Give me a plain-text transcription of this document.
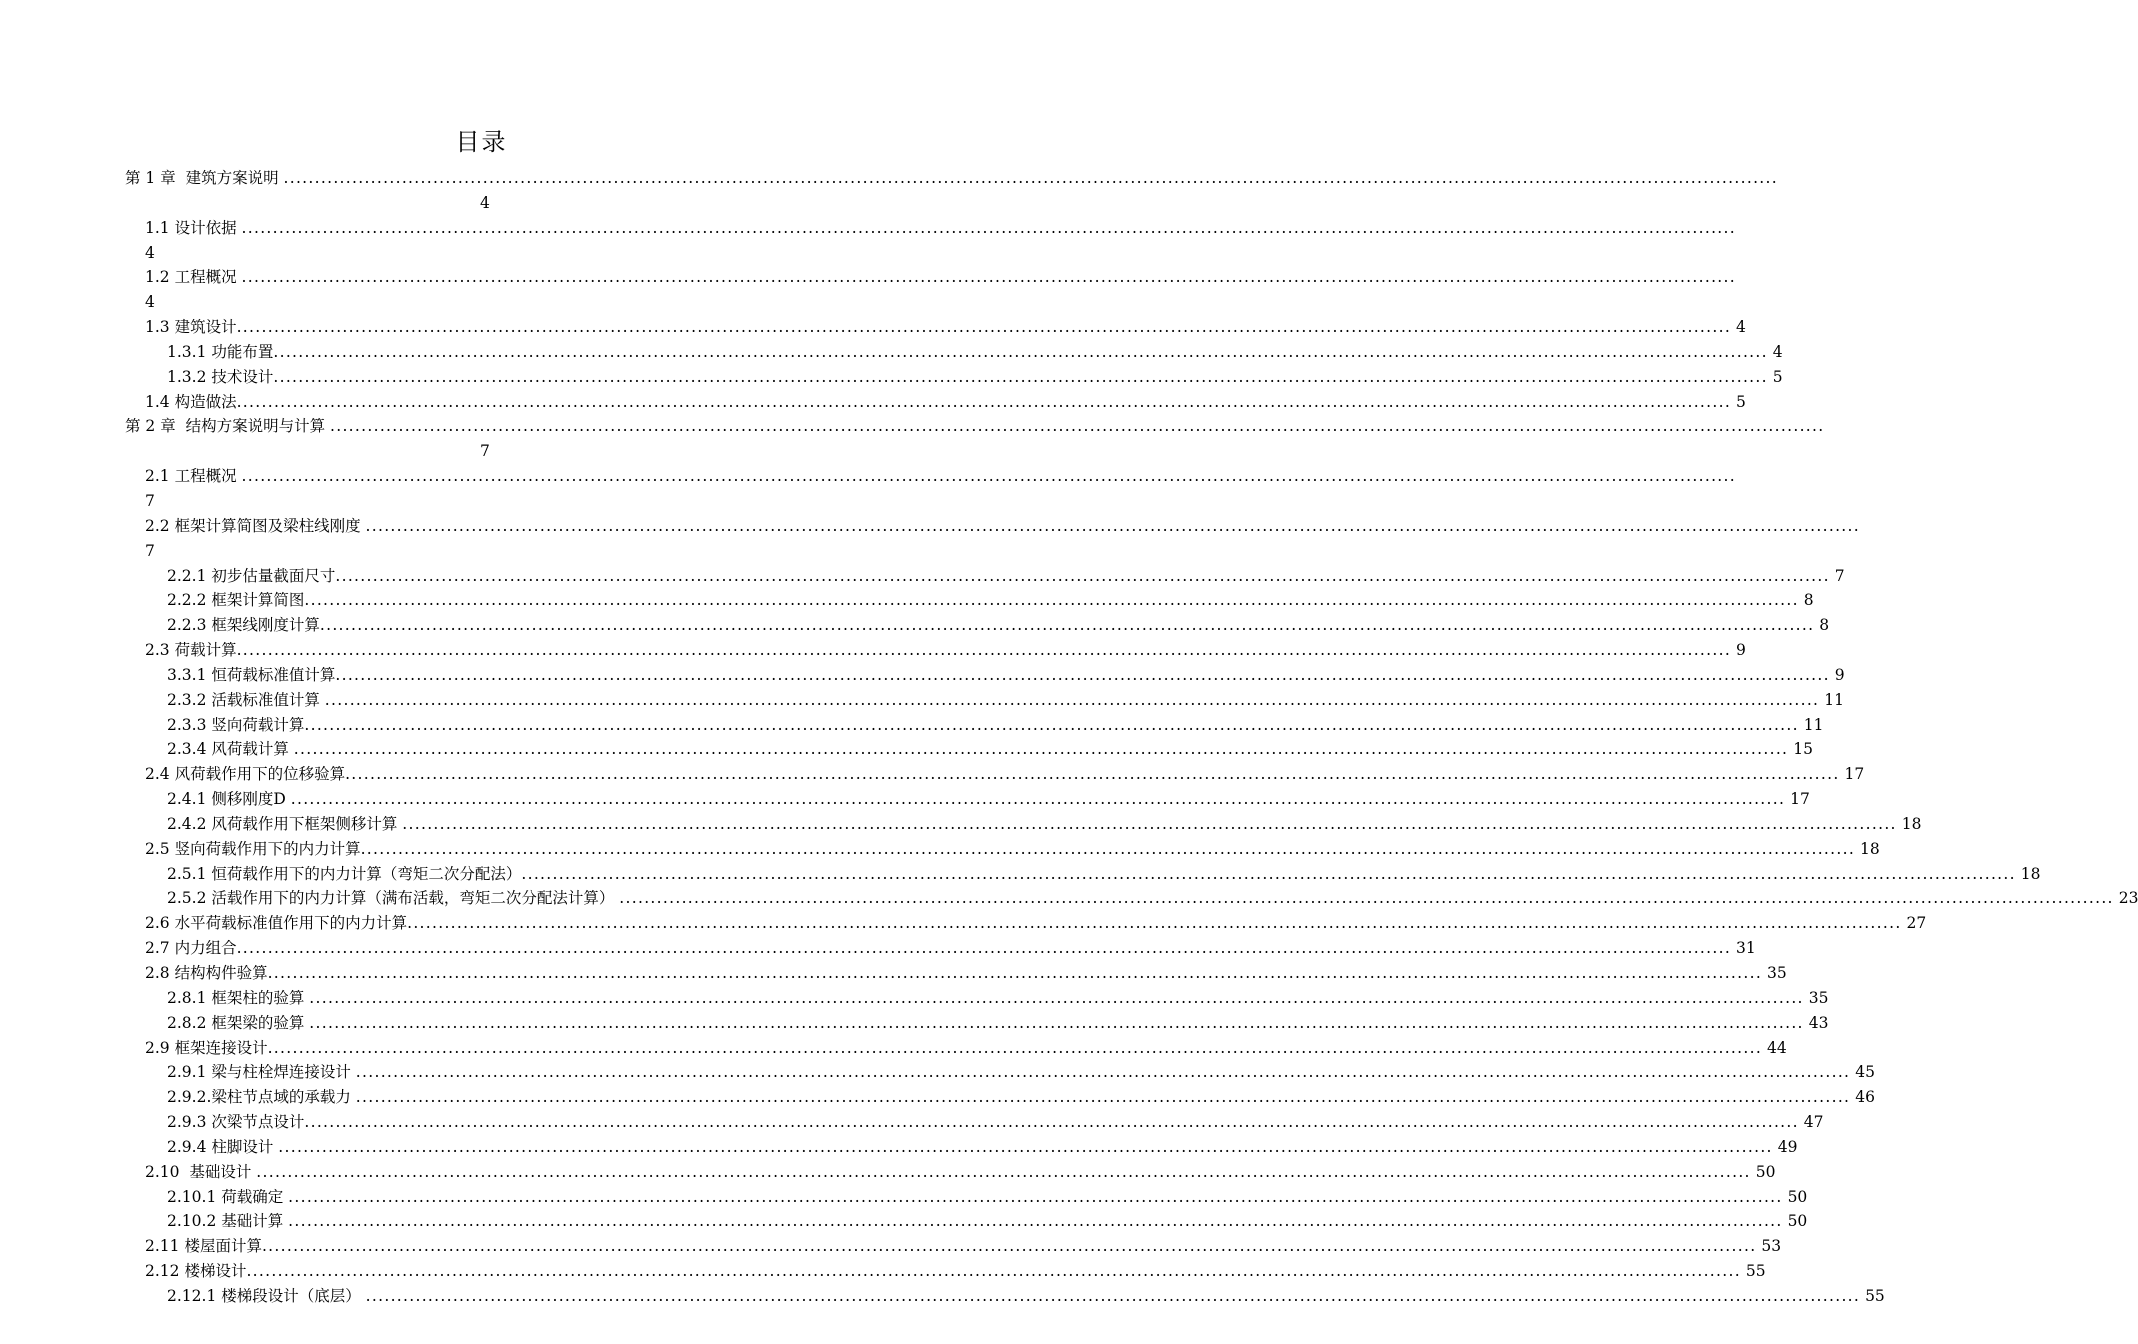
目录
第 1 章  建筑方案说明 ................................................................................................................................................................................................................................................
4
1.1 设计依据 ................................................................................................................................................................................................................................................
4
1.2 工程概况 ................................................................................................................................................................................................................................................
4
1.3 建筑设计 ................................................................................................................................................................................................................................................ 4
1.3.1 功能布置 ................................................................................................................................................................................................................................................ 4
1.3.2 技术设计 ................................................................................................................................................................................................................................................ 5
1.4 构造做法 ................................................................................................................................................................................................................................................ 5
第 2 章  结构方案说明与计算 ................................................................................................................................................................................................................................................
7
2.1 工程概况 ................................................................................................................................................................................................................................................
7
2.2 框架计算简图及梁柱线刚度 ................................................................................................................................................................................................................................................
7
2.2.1 初步估量截面尺寸 ................................................................................................................................................................................................................................................ 7
2.2.2 框架计算简图 ................................................................................................................................................................................................................................................ 8
2.2.3 框架线刚度计算 ................................................................................................................................................................................................................................................ 8
2.3 荷载计算 ................................................................................................................................................................................................................................................ 9
3.3.1 恒荷载标准值计算 ................................................................................................................................................................................................................................................ 9
2.3.2 活载标准值计算 ................................................................................................................................................................................................................................................ 11
2.3.3 竖向荷载计算 ................................................................................................................................................................................................................................................ 11
2.3.4 风荷载计算 ................................................................................................................................................................................................................................................ 15
2.4 风荷载作用下的位移验算 ................................................................................................................................................................................................................................................ 17
2.4.1 侧移刚度D ................................................................................................................................................................................................................................................ 17
2.4.2 风荷载作用下框架侧移计算 ................................................................................................................................................................................................................................................ 18
2.5 竖向荷载作用下的内力计算 ................................................................................................................................................................................................................................................ 18
2.5.1 恒荷载作用下的内力计算（弯矩二次分配法） ................................................................................................................................................................................................................................................ 18
2.5.2 活载作用下的内力计算（满布活载，弯矩二次分配法计算） ................................................................................................................................................................................................................................................ 23
2.6 水平荷载标准值作用下的内力计算 ................................................................................................................................................................................................................................................ 27
2.7 内力组合 ................................................................................................................................................................................................................................................ 31
2.8 结构构件验算 ................................................................................................................................................................................................................................................ 35
2.8.1 框架柱的验算 ................................................................................................................................................................................................................................................ 35
2.8.2 框架梁的验算 ................................................................................................................................................................................................................................................ 43
2.9 框架连接设计 ................................................................................................................................................................................................................................................ 44
2.9.1 梁与柱栓焊连接设计 ................................................................................................................................................................................................................................................ 45
2.9.2.梁柱节点域的承载力 ................................................................................................................................................................................................................................................ 46
2.9.3 次梁节点设计 ................................................................................................................................................................................................................................................ 47
2.9.4 柱脚设计 ................................................................................................................................................................................................................................................ 49
2.10  基础设计 ................................................................................................................................................................................................................................................ 50
2.10.1 荷载确定 ................................................................................................................................................................................................................................................ 50
2.10.2 基础计算 ................................................................................................................................................................................................................................................ 50
2.11 楼屋面计算 ................................................................................................................................................................................................................................................ 53
2.12 楼梯设计 ................................................................................................................................................................................................................................................ 55
2.12.1 楼梯段设计（底层） ................................................................................................................................................................................................................................................ 55
